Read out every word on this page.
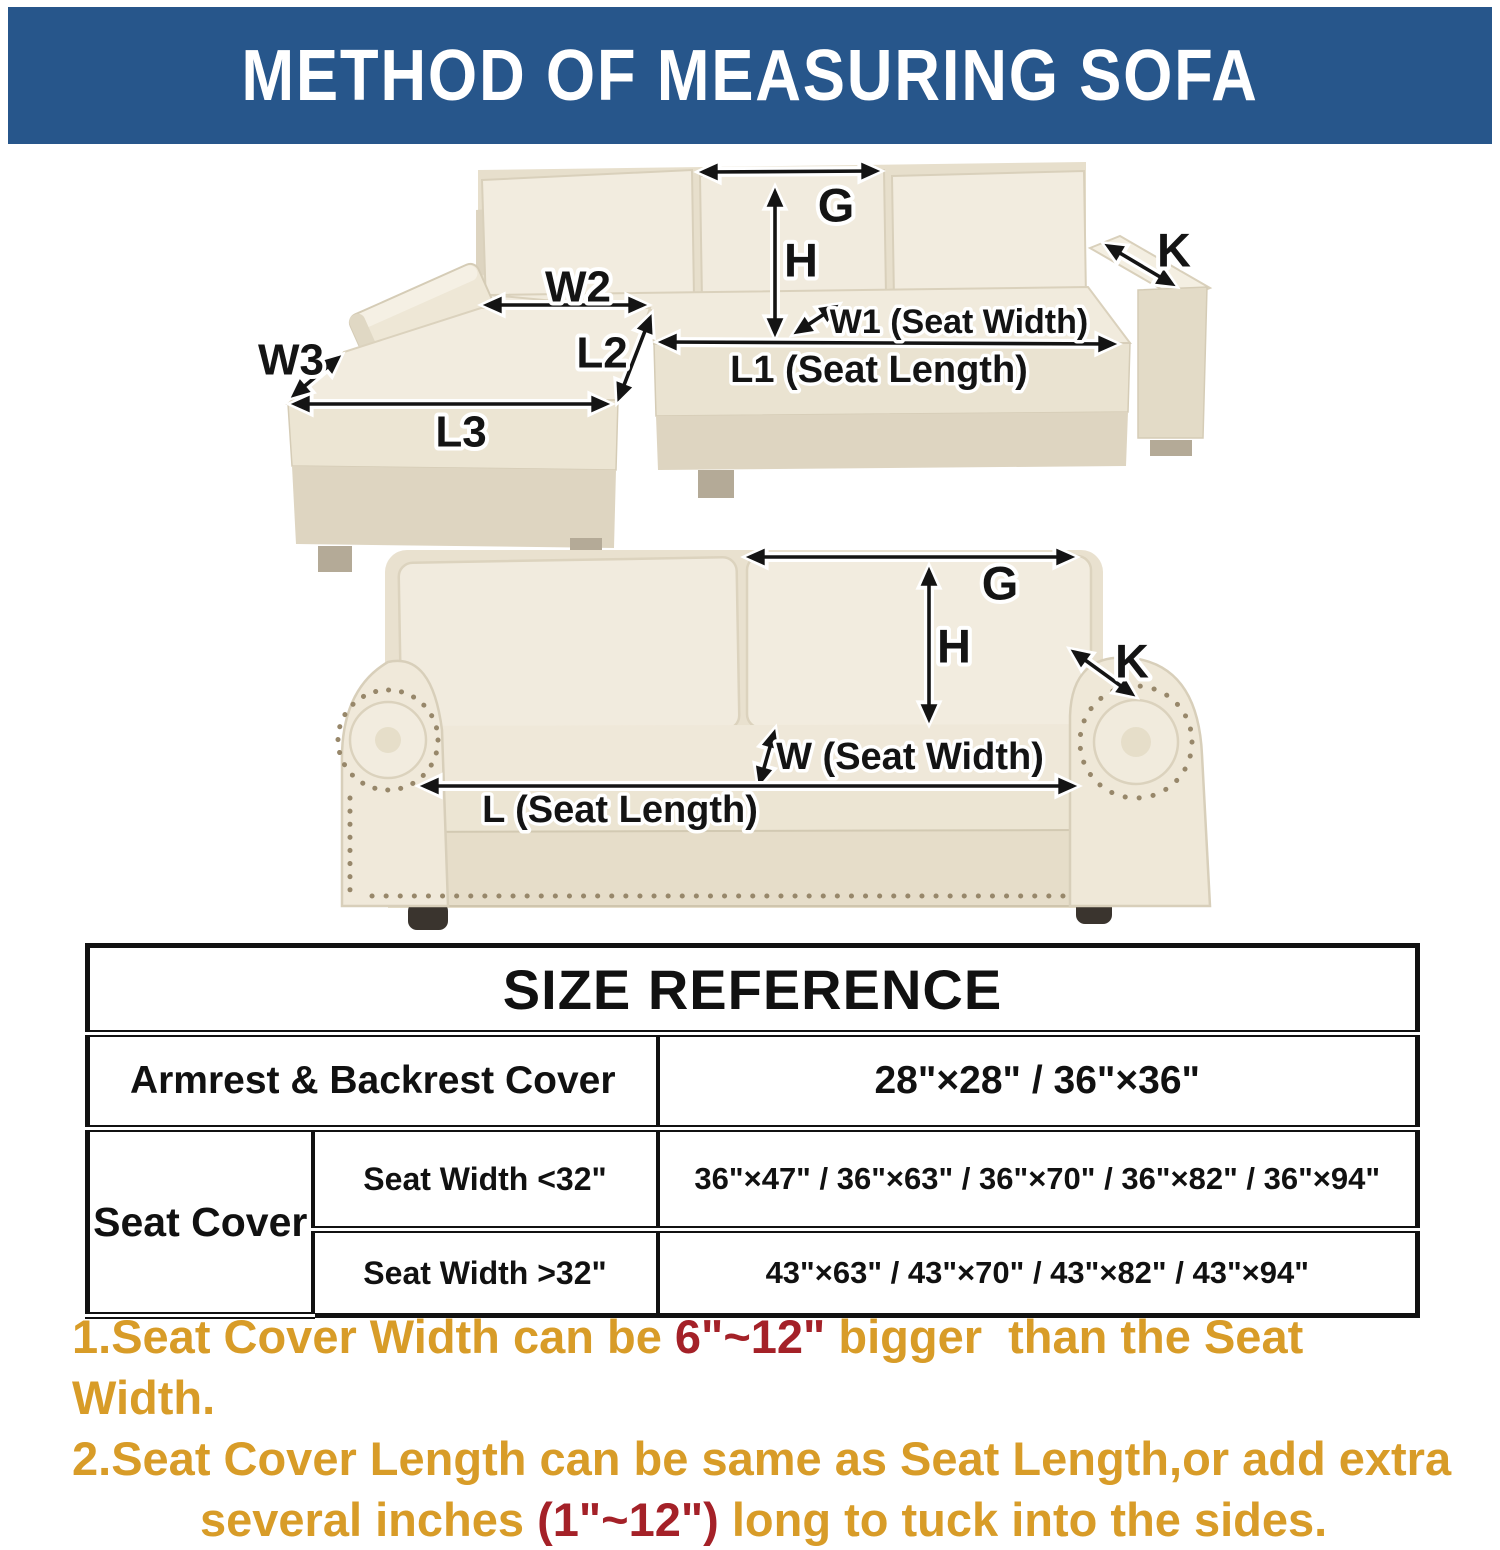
METHOD OF MEASURING SOFA
G
H	K
W1 (Seat Width)
L1 (Seat Length)
W2
L2
W3
L3
G
H	K
W (Seat Width)
L (Seat Length)
SIZE REFERENCE		
Armrest & Backrest Cover		28"×28" / 36"×36"
Seat Cover	Seat Width <32"	36"×47" / 36"×63" / 36"×70" / 36"×82" / 36"×94"
	Seat Width >32"	43"×63" / 43"×70" / 43"×82" / 43"×94"

1.Seat Cover Width can be 6"~12" bigger  than the Seat Width.

2.Seat Cover Length can be same as Seat Length,or add extra

several inches (1"~12") long to tuck into the sides.
